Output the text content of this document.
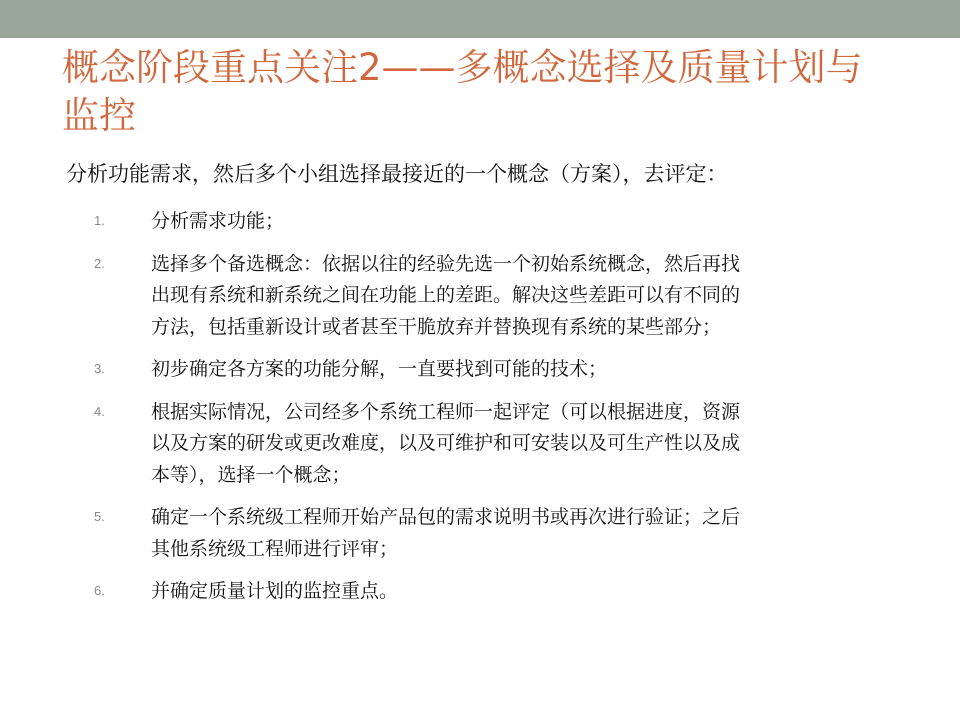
概念阶段重点关注2——多概念选择及质量计划与监控

分析功能需求，然后多个小组选择最接近的一个概念（方案），去评定：

1. 分析需求功能；
2. 选择多个备选概念：依据以往的经验先选一个初始系统概念，然后再找
出现有系统和新系统之间在功能上的差距。解决这些差距可以有不同的
方法，包括重新设计或者甚至干脆放弃并替换现有系统的某些部分；
3. 初步确定各方案的功能分解，一直要找到可能的技术；
4. 根据实际情况，公司经多个系统工程师一起评定（可以根据进度，资源
以及方案的研发或更改难度，以及可维护和可安装以及可生产性以及成
本等），选择一个概念；
5. 确定一个系统级工程师开始产品包的需求说明书或再次进行验证；之后
其他系统级工程师进行评审；
6. 并确定质量计划的监控重点。
